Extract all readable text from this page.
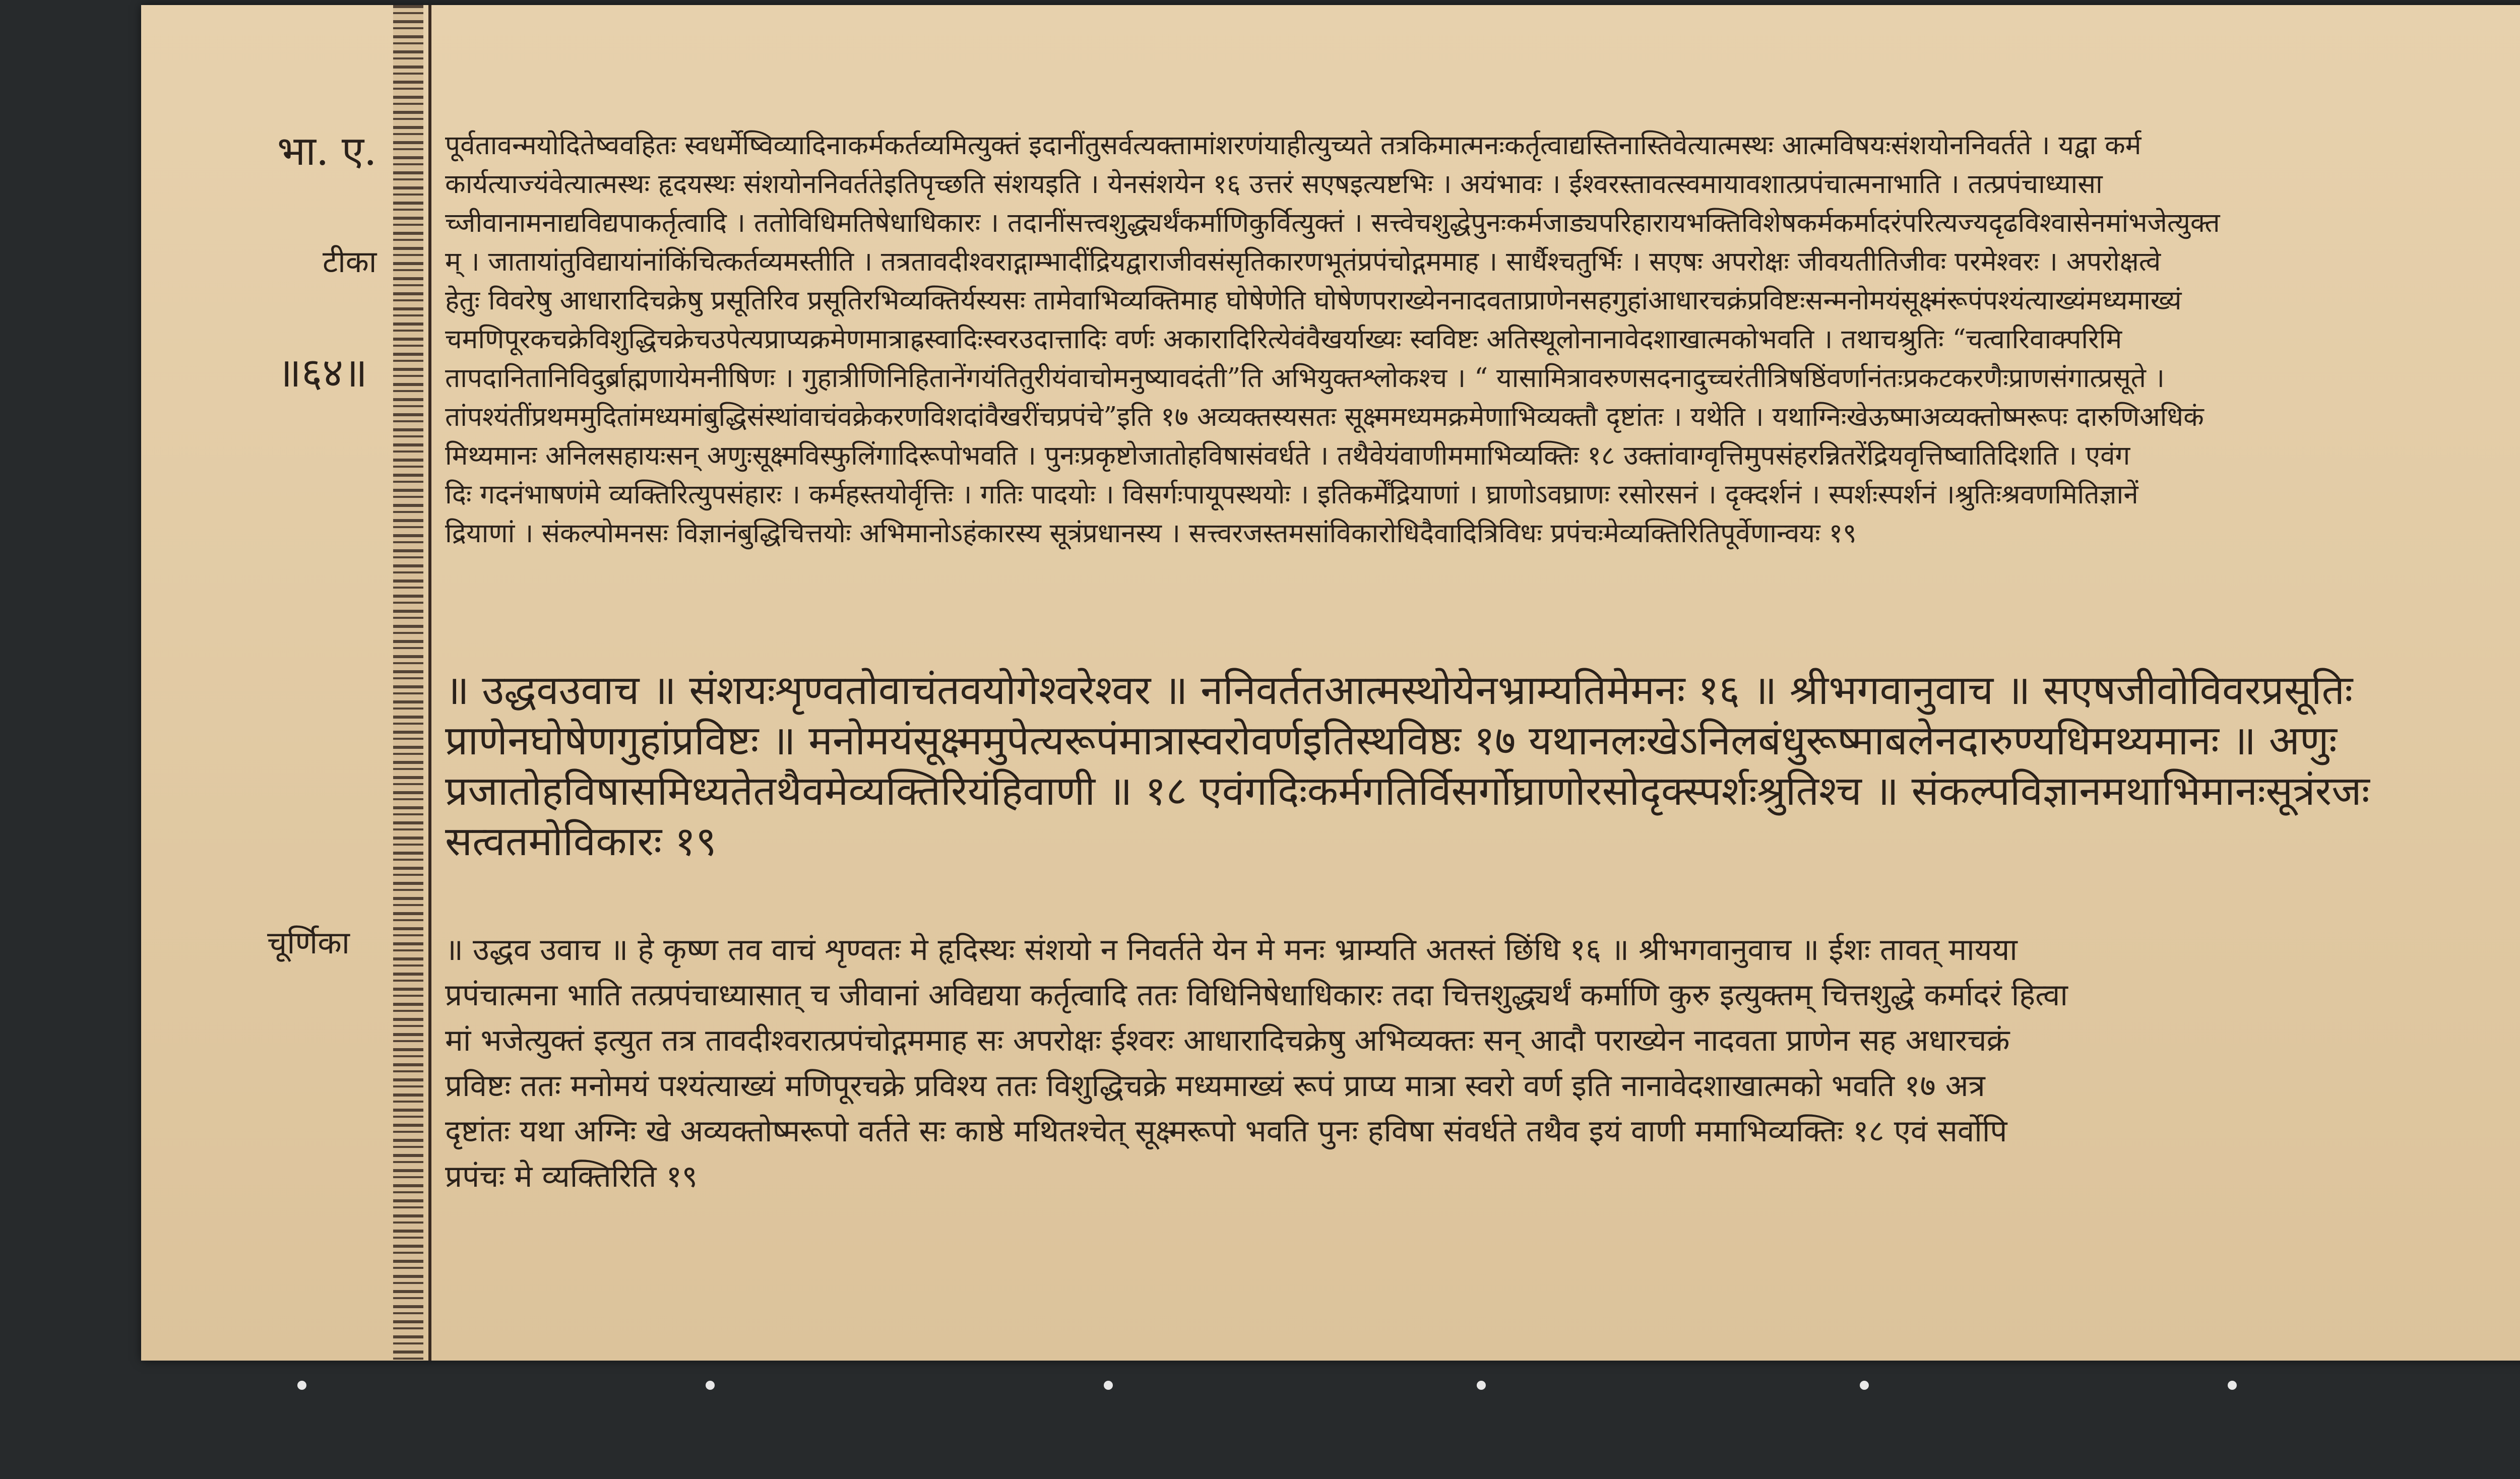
भा. ए.
टीका
॥६४॥
चूर्णिका

पूर्वतावन्मयोदितेष्ववहितः स्वधर्मेष्विव्यादिनाकर्मकर्तव्यमित्युक्तं इदानींतुसर्वत्यक्तामांशरणंयाहीत्युच्यते तत्रकिमात्मनःकर्तृत्वाद्यस्तिनास्तिवेत्यात्मस्थः आत्मविषयःसंशयोननिवर्तते । यद्वा कर्म

कार्यत्याज्यंवेत्यात्मस्थः हृदयस्थः संशयोननिवर्ततेइतिपृच्छति संशयइति । येनसंशयेन १६ उत्तरं सएषइत्यष्टभिः । अयंभावः । ईश्वरस्तावत्स्वमायावशात्प्रपंचात्मनाभाति । तत्प्रपंचाध्यासा

च्जीवानामनाद्यविद्यपाकर्तृत्वादि । ततोविधिमतिषेधाधिकारः । तदानींसत्त्वशुद्ध्यर्थंकर्माणिकुर्वित्युक्तं । सत्त्वेचशुद्धेपुनःकर्मजाड्यपरिहारायभक्तिविशेषकर्मकर्मादरंपरित्यज्यदृढविश्वासेनमांभजेत्युक्त

म् । जातायांतुविद्यायांनांकिंचित्कर्तव्यमस्तीति । तत्रतावदीश्वराद्गाम्भादींद्रियद्वाराजीवसंसृतिकारणभूतंप्रपंचोद्गममाह । सार्धैश्चतुर्भिः । सएषः अपरोक्षः जीवयतीतिजीवः परमेश्वरः । अपरोक्षत्वे

हेतुः विवरेषु आधारादिचक्रेषु प्रसूतिरिव प्रसूतिरभिव्यक्तिर्यस्यसः तामेवाभिव्यक्तिमाह घोषेणेति घोषेणपराख्येननादवताप्राणेनसहगुहांआधारचक्रंप्रविष्टःसन्मनोमयंसूक्ष्मंरूपंपश्यंत्याख्यंमध्यमाख्यं

चमणिपूरकचक्रेविशुद्धिचक्रेचउपेत्यप्राप्यक्रमेणमात्राह्रस्वादिःस्वरउदात्तादिः वर्णः अकारादिरित्येवंवैखर्याख्यः स्वविष्टः अतिस्थूलोनानावेदशाखात्मकोभवति । तथाचश्रुतिः “चत्वारिवाक्परिमि

तापदानितानिविदुर्ब्राह्मणायेमनीषिणः । गुहात्रीणिनिहितानेंगयंतितुरीयंवाचोमनुष्यावदंती”ति अभियुक्तश्लोकश्च । “ यासामित्रावरुणसदनादुच्चरंतीत्रिषष्ठिंवर्णानंतःप्रकटकरणैःप्राणसंगात्प्रसूते ।

तांपश्यंतींप्रथममुदितांमध्यमांबुद्धिसंस्थांवाचंवक्रेकरणविशदांवैखरींचप्रपंचे”इति १७ अव्यक्तस्यसतः सूक्ष्ममध्यमक्रमेणाभिव्यक्तौ दृष्टांतः । यथेति । यथाग्निःखेऊष्माअव्यक्तोष्मरूपः दारुणिअधिकं

मिथ्यमानः अनिलसहायःसन् अणुःसूक्ष्मविस्फुलिंगादिरूपोभवति । पुनःप्रकृष्टोजातोहविषासंवर्धते । तथैवेयंवाणीममाभिव्यक्तिः १८ उक्तांवाग्वृत्तिमुपसंहरन्नितरेंद्रियवृत्तिष्वातिदिशति । एवंग

दिः गदनंभाषणंमे व्यक्तिरित्युपसंहारः । कर्महस्तयोर्वृत्तिः । गतिः पादयोः । विसर्गःपायूपस्थयोः । इतिकर्मेंद्रियाणां । घ्राणोऽवघ्राणः रसोरसनं । दृक्दर्शनं । स्पर्शःस्पर्शनं ।श्रुतिःश्रवणमितिज्ञानें

द्रियाणां । संकल्पोमनसः विज्ञानंबुद्धिचित्तयोः अभिमानोऽहंकारस्य सूत्रंप्रधानस्य । सत्त्वरजस्तमसांविकारोधिदैवादित्रिविधः प्रपंचःमेव्यक्तिरितिपूर्वेणान्वयः १९

॥ उद्धवउवाच ॥ संशयःशृण्वतोवाचंतवयोगेश्वरेश्वर ॥ ननिवर्ततआत्मस्थोयेनभ्राम्यतिमेमनः १६ ॥ श्रीभगवानुवाच ॥ सएषजीवोविवरप्रसूतिः

प्राणेनघोषेणगुहांप्रविष्टः ॥ मनोमयंसूक्ष्ममुपेत्यरूपंमात्रास्वरोवर्णइतिस्थविष्ठः १७ यथानलःखेऽनिलबंधुरूष्माबलेनदारुण्यधिमथ्यमानः ॥ अणुः

प्रजातोहविषासमिध्यतेतथैवमेव्यक्तिरियंहिवाणी ॥ १८ एवंगदिःकर्मगतिर्विसर्गोघ्राणोरसोदृक्स्पर्शःश्रुतिश्च ॥ संकल्पविज्ञानमथाभिमानःसूत्रंरजः

सत्वतमोविकारः १९

॥ उद्धव उवाच ॥ हे कृष्ण तव वाचं शृण्वतः मे हृदिस्थः संशयो न निवर्तते येन मे मनः भ्राम्यति अतस्तं छिंधि १६ ॥ श्रीभगवानुवाच ॥ ईशः तावत् मायया

प्रपंचात्मना भाति तत्प्रपंचाध्यासात् च जीवानां अविद्यया कर्तृत्वादि ततः विधिनिषेधाधिकारः तदा चित्तशुद्ध्यर्थं कर्माणि कुरु इत्युक्तम् चित्तशुद्धे कर्मादरं हित्वा

मां भजेत्युक्तं इत्युत तत्र तावदीश्वरात्प्रपंचोद्गममाह सः अपरोक्षः ईश्वरः आधारादिचक्रेषु अभिव्यक्तः सन् आदौ पराख्येन नादवता प्राणेन सह अधारचक्रं

प्रविष्टः ततः मनोमयं पश्यंत्याख्यं मणिपूरचक्रे प्रविश्य ततः विशुद्धिचक्रे मध्यमाख्यं रूपं प्राप्य मात्रा स्वरो वर्ण इति नानावेदशाखात्मको भवति १७ अत्र

दृष्टांतः यथा अग्निः खे अव्यक्तोष्मरूपो वर्तते सः काष्ठे मथितश्चेत् सूक्ष्मरूपो भवति पुनः हविषा संवर्धते तथैव इयं वाणी ममाभिव्यक्तिः १८ एवं सर्वोपि

प्रपंचः मे व्यक्तिरिति १९
